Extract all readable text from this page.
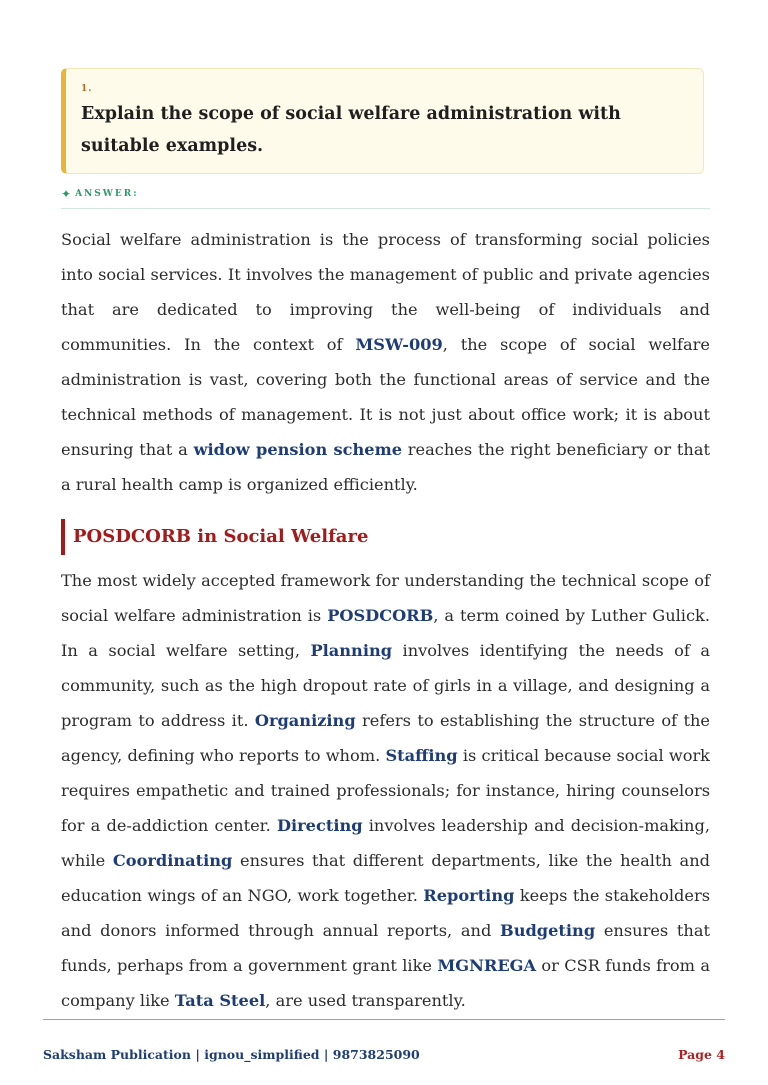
1.
Explain the scope of social welfare administration with suitable examples.
✦ ANSWER:

Social welfare administration is the process of transforming social policies into social services. It involves the management of public and private agencies that are dedicated to improving the well-being of individuals and communities. In the context of MSW-009, the scope of social welfare administration is vast, covering both the functional areas of service and the technical methods of management. It is not just about office work; it is about ensuring that a widow pension scheme reaches the right beneficiary or that a rural health camp is organized efficiently.

POSDCORB in Social Welfare

The most widely accepted framework for understanding the technical scope of social welfare administration is POSDCORB, a term coined by Luther Gulick. In a social welfare setting, Planning involves identifying the needs of a community, such as the high dropout rate of girls in a village, and designing a program to address it. Organizing refers to establishing the structure of the agency, defining who reports to whom. Staffing is critical because social work requires empathetic and trained professionals; for instance, hiring counselors for a de-addiction center. Directing involves leadership and decision-making, while Coordinating ensures that different departments, like the health and education wings of an NGO, work together. Reporting keeps the stakeholders and donors informed through annual reports, and Budgeting ensures that funds, perhaps from a government grant like MGNREGA or CSR funds from a company like Tata Steel, are used transparently.

Saksham Publication | ignou_simplified | 9873825090	Page 4
